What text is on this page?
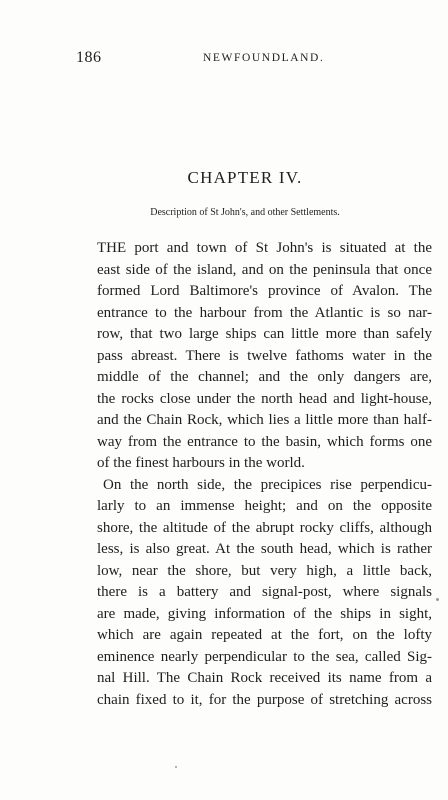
186	NEWFOUNDLAND.
CHAPTER IV.
Description of St John's, and other Settlements.
THE port and town of St John's is situated at the
east side of the island, and on the peninsula that once
formed Lord Baltimore's province of Avalon. The
entrance to the harbour from the Atlantic is so nar-
row, that two large ships can little more than safely
pass abreast. There is twelve fathoms water in the
middle of the channel; and the only dangers are,
the rocks close under the north head and light-house,
and the Chain Rock, which lies a little more than half-
way from the entrance to the basin, which forms one
of the finest harbours in the world.
On the north side, the precipices rise perpendicu-
larly to an immense height; and on the opposite
shore, the altitude of the abrupt rocky cliffs, although
less, is also great. At the south head, which is rather
low, near the shore, but very high, a little back,
there is a battery and signal-post, where signals
are made, giving information of the ships in sight,
which are again repeated at the fort, on the lofty
eminence nearly perpendicular to the sea, called Sig-
nal Hill. The Chain Rock received its name from a
chain fixed to it, for the purpose of stretching across
